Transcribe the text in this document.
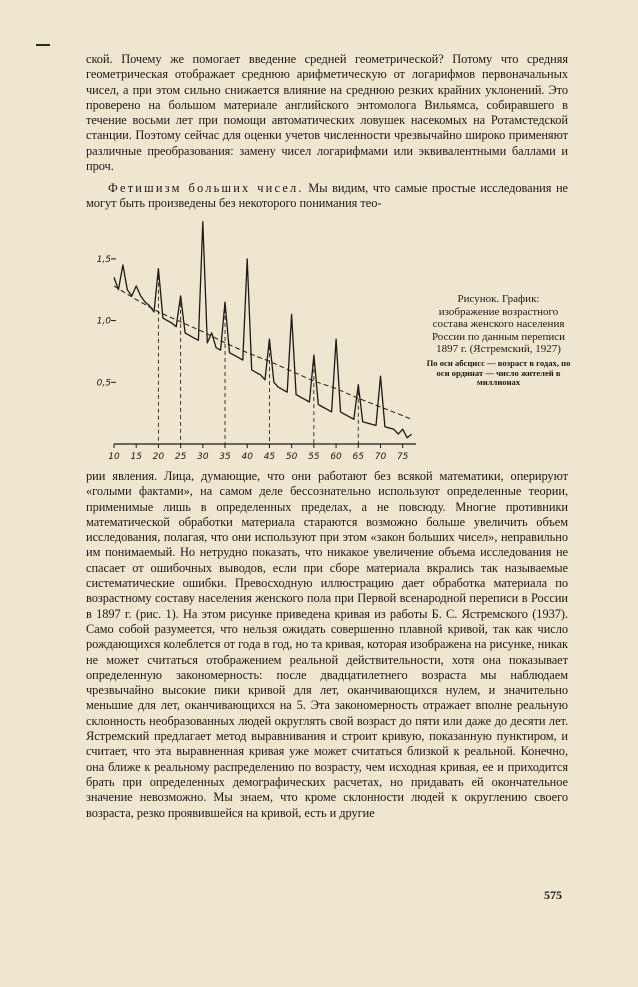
ской. Почему же помогает введение средней геометрической? Потому что средняя геометрическая отображает среднюю арифметическую от логарифмов первоначальных чисел, а при этом сильно снижается влияние на среднюю резких крайних уклонений. Это проверено на большом материале английского энтомолога Вильямса, собиравшего в течение восьми лет при помощи автоматических ловушек насекомых на Ротамстедской станции. Поэтому сейчас для оценки учетов численности чрезвычайно широко применяют различные преобразования: замену чисел логарифмами или эквивалентными баллами и проч.

Фетишизм больших чисел. Мы видим, что самые простые исследования не могут быть произведены без некоторого понимания тео-

10 15 20 25 30 35 40 45 50 55 60 65 70 75
0,5
1,0
1,5
Рисунок. График: изображение возрастного состава женского населения России по данным переписи 1897 г. (Ястремский, 1927)
По оси абсцисс — возраст в годах, по оси ординат — число жителей в миллионах

рии явления. Лица, думающие, что они работают без всякой математики, оперируют «голыми фактами», на самом деле бессознательно используют определенные теории, применимые лишь в определенных пределах, а не повсюду. Многие противники математической обработки материала стараются возможно больше увеличить объем исследования, полагая, что они используют при этом «закон больших чисел», неправильно им понимаемый. Но нетрудно показать, что никакое увеличение объема исследования не спасает от ошибочных выводов, если при сборе материала вкрались так называемые систематические ошибки. Превосходную иллюстрацию дает обработка материала по возрастному составу населения женского пола при Первой всенародной переписи в России в 1897 г. (рис. 1). На этом рисунке приведена кривая из работы Б. С. Ястремского (1937). Само собой разумеется, что нельзя ожидать совершенно плавной кривой, так как число рождающихся колеблется от года в год, но та кривая, которая изображена на рисунке, никак не может считаться отображением реальной действительности, хотя она показывает определенную закономерность: после двадцатилетнего возраста мы наблюдаем чрезвычайно высокие пики кривой для лет, оканчивающихся нулем, и значительно меньшие для лет, оканчивающихся на 5. Эта закономерность отражает вполне реальную склонность необразованных людей округлять свой возраст до пяти или даже до десяти лет. Ястремский предлагает метод выравнивания и строит кривую, показанную пунктиром, и считает, что эта выравненная кривая уже может считаться близкой к реальной. Конечно, она ближе к реальному распределению по возрасту, чем исходная кривая, ее и приходится брать при определенных демографических расчетах, но придавать ей окончательное значение невозможно. Мы знаем, что кроме склонности людей к округлению своего возраста, резко проявившейся на кривой, есть и другие

575
